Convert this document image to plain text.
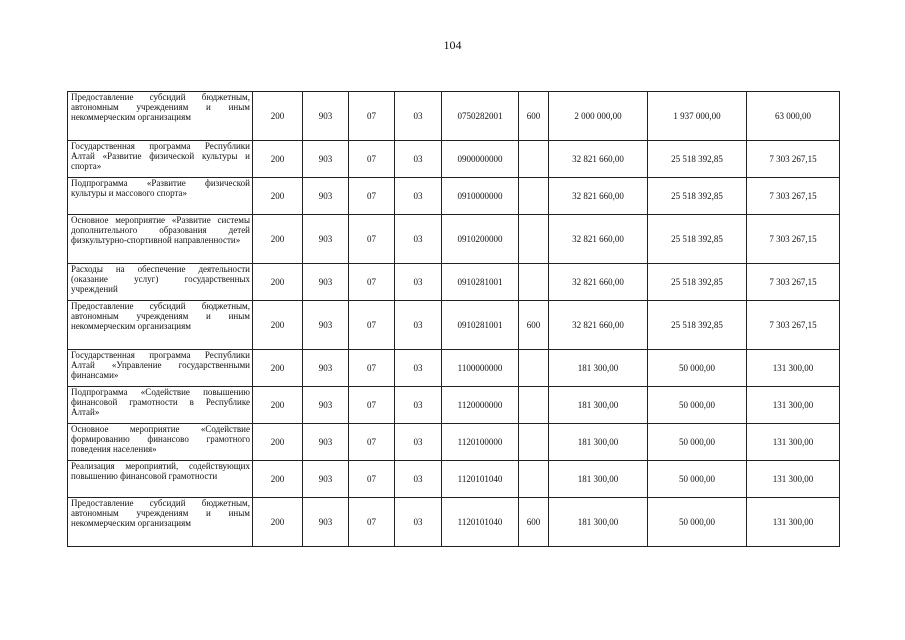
104
Предоставление субсидий бюджетным, автономным учреждениям и иным некоммерческим организациям	200	903	07	03	0750282001	600	2 000 000,00	1 937 000,00	63 000,00
Государственная программа Республики Алтай «Развитие физической культуры и спорта»	200	903	07	03	0900000000		32 821 660,00	25 518 392,85	7 303 267,15
Подпрограмма «Развитие физической культуры и массового спорта»	200	903	07	03	0910000000		32 821 660,00	25 518 392,85	7 303 267,15
Основное мероприятие «Развитие системы дополнительного образования детей физкультурно-спортивной направленности»	200	903	07	03	0910200000		32 821 660,00	25 518 392,85	7 303 267,15
Расходы на обеспечение деятельности (оказание услуг) государственных учреждений	200	903	07	03	0910281001		32 821 660,00	25 518 392,85	7 303 267,15
Предоставление субсидий бюджетным, автономным учреждениям и иным некоммерческим организациям	200	903	07	03	0910281001	600	32 821 660,00	25 518 392,85	7 303 267,15
Государственная программа Республики Алтай «Управление государственными финансами»	200	903	07	03	1100000000		181 300,00	50 000,00	131 300,00
Подпрограмма «Содействие повышению финансовой грамотности в Республике Алтай»	200	903	07	03	1120000000		181 300,00	50 000,00	131 300,00
Основное мероприятие «Содействие формированию финансово грамотного поведения населения»	200	903	07	03	1120100000		181 300,00	50 000,00	131 300,00
Реализация мероприятий, содействующих повышению финансовой грамотности	200	903	07	03	1120101040		181 300,00	50 000,00	131 300,00
Предоставление субсидий бюджетным, автономным учреждениям и иным некоммерческим организациям	200	903	07	03	1120101040	600	181 300,00	50 000,00	131 300,00
